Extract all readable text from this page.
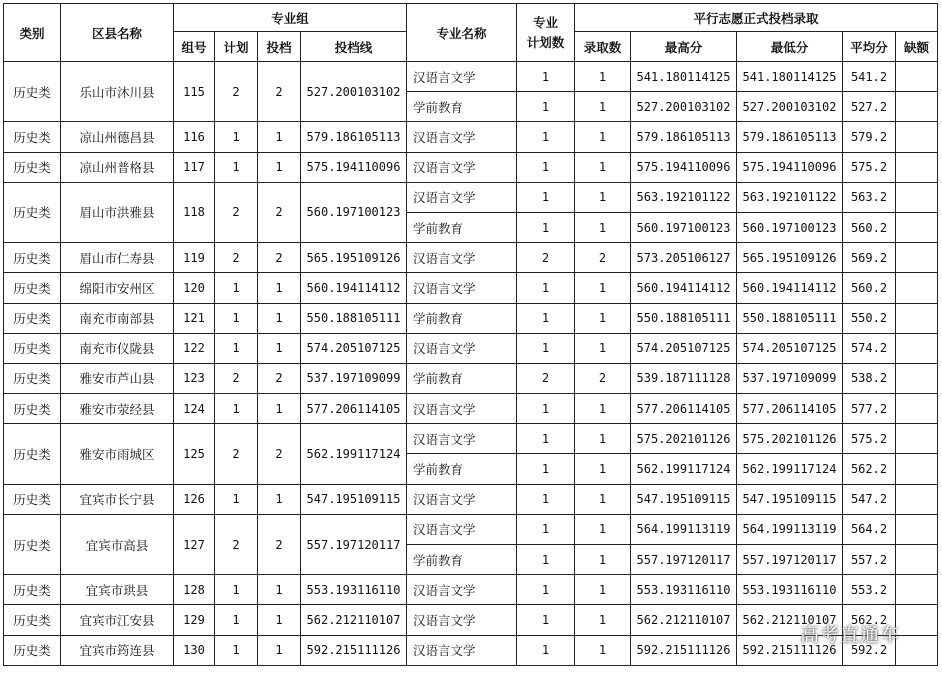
类别	区县名称	专业组				专业名称	专业
计划数	平行志愿正式投档录取				
		组号	计划	投档	投档线			录取数	最高分	最低分	平均分	缺额
历史类	乐山市沐川县	115	2	2	527.200103102	汉语言文学	1	1	541.180114125	541.180114125	541.2	
						学前教育	1	1	527.200103102	527.200103102	527.2	
历史类	凉山州德昌县	116	1	1	579.186105113	汉语言文学	1	1	579.186105113	579.186105113	579.2	
历史类	凉山州普格县	117	1	1	575.194110096	汉语言文学	1	1	575.194110096	575.194110096	575.2	
历史类	眉山市洪雅县	118	2	2	560.197100123	汉语言文学	1	1	563.192101122	563.192101122	563.2	
						学前教育	1	1	560.197100123	560.197100123	560.2	
历史类	眉山市仁寿县	119	2	2	565.195109126	汉语言文学	2	2	573.205106127	565.195109126	569.2	
历史类	绵阳市安州区	120	1	1	560.194114112	汉语言文学	1	1	560.194114112	560.194114112	560.2	
历史类	南充市南部县	121	1	1	550.188105111	学前教育	1	1	550.188105111	550.188105111	550.2	
历史类	南充市仪陇县	122	1	1	574.205107125	汉语言文学	1	1	574.205107125	574.205107125	574.2	
历史类	雅安市芦山县	123	2	2	537.197109099	学前教育	2	2	539.187111128	537.197109099	538.2	
历史类	雅安市荥经县	124	1	1	577.206114105	汉语言文学	1	1	577.206114105	577.206114105	577.2	
历史类	雅安市雨城区	125	2	2	562.199117124	汉语言文学	1	1	575.202101126	575.202101126	575.2	
						学前教育	1	1	562.199117124	562.199117124	562.2	
历史类	宜宾市长宁县	126	1	1	547.195109115	汉语言文学	1	1	547.195109115	547.195109115	547.2	
历史类	宜宾市高县	127	2	2	557.197120117	汉语言文学	1	1	564.199113119	564.199113119	564.2	
						学前教育	1	1	557.197120117	557.197120117	557.2	
历史类	宜宾市珙县	128	1	1	553.193116110	汉语言文学	1	1	553.193116110	553.193116110	553.2	
历史类	宜宾市江安县	129	1	1	562.212110107	汉语言文学	1	1	562.212110107	562.212110107	562.2	
历史类	宜宾市筠连县	130	1	1	592.215111126	汉语言文学	1	1	592.215111126	592.215111126	592.2	
高考直通车
